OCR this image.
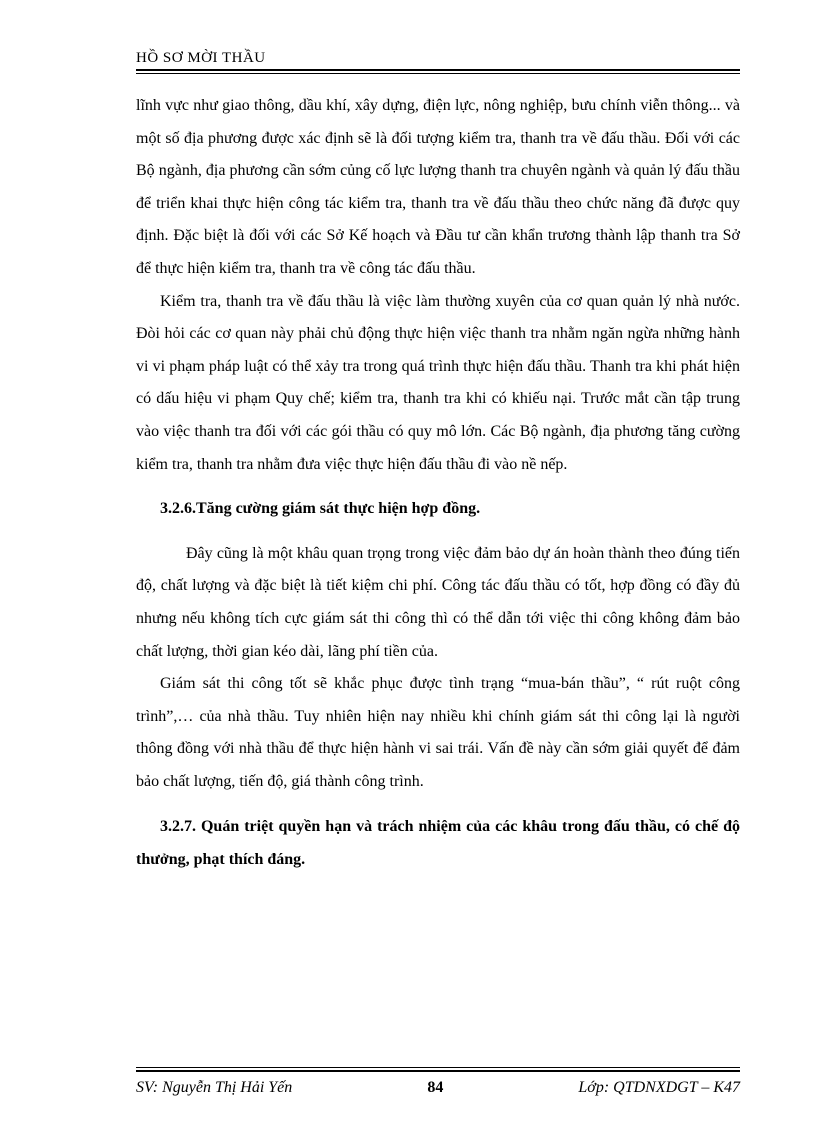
HỒ SƠ MỜI THẦU

lĩnh vực như giao thông, dầu khí, xây dựng, điện lực, nông nghiệp, bưu chính viễn thông... và một số địa phương được xác định sẽ là đối tượng kiểm tra, thanh tra về đấu thầu. Đối với các Bộ ngành, địa phương cần sớm củng cố lực lượng thanh tra chuyên ngành và quản lý đấu thầu để triển khai thực hiện công tác kiểm tra, thanh tra về đấu thầu theo chức năng đã được quy định. Đặc biệt là đối với các Sở Kế hoạch và Đầu tư cần khẩn trương thành lập thanh tra Sở để thực hiện kiểm tra, thanh tra về công tác đấu thầu.

Kiểm tra, thanh tra về đấu thầu là việc làm thường xuyên của cơ quan quản lý nhà nước. Đòi hỏi các cơ quan này phải chủ động thực hiện việc thanh tra nhằm ngăn ngừa những hành vi vi phạm pháp luật có thể xảy tra trong quá trình thực hiện đấu thầu. Thanh tra khi phát hiện có dấu hiệu vi phạm Quy chế; kiểm tra, thanh tra khi có khiếu nại. Trước mắt cần tập trung vào việc thanh tra đối với các gói thầu có quy mô lớn. Các Bộ ngành, địa phương tăng cường kiểm tra, thanh tra nhằm đưa việc thực hiện đấu thầu đi vào nề nếp.

3.2.6.Tăng cường giám sát thực hiện hợp đồng.

Đây cũng là một khâu quan trọng trong việc đảm bảo dự án hoàn thành theo đúng tiến độ, chất lượng và đặc biệt là tiết kiệm chi phí. Công tác đấu thầu có tốt, hợp đồng có đầy đủ nhưng nếu không tích cực giám sát thi công thì có thể dẫn tới việc thi công không đảm bảo chất lượng, thời gian kéo dài, lãng phí tiền của.

Giám sát thi công tốt sẽ khắc phục được tình trạng “mua-bán thầu”, “ rút ruột công trình”,… của nhà thầu. Tuy nhiên hiện nay nhiều khi chính giám sát thi công lại là người thông đồng với nhà thầu để thực hiện hành vi sai trái. Vấn đề này cần sớm giải quyết để đảm bảo chất lượng, tiến độ, giá thành công trình.

3.2.7. Quán triệt quyền hạn và trách nhiệm của các khâu trong đấu thầu, có chế độ thưởng, phạt thích đáng.

SV: Nguyễn Thị Hải Yến	84	Lớp: QTDNXDGT – K47
